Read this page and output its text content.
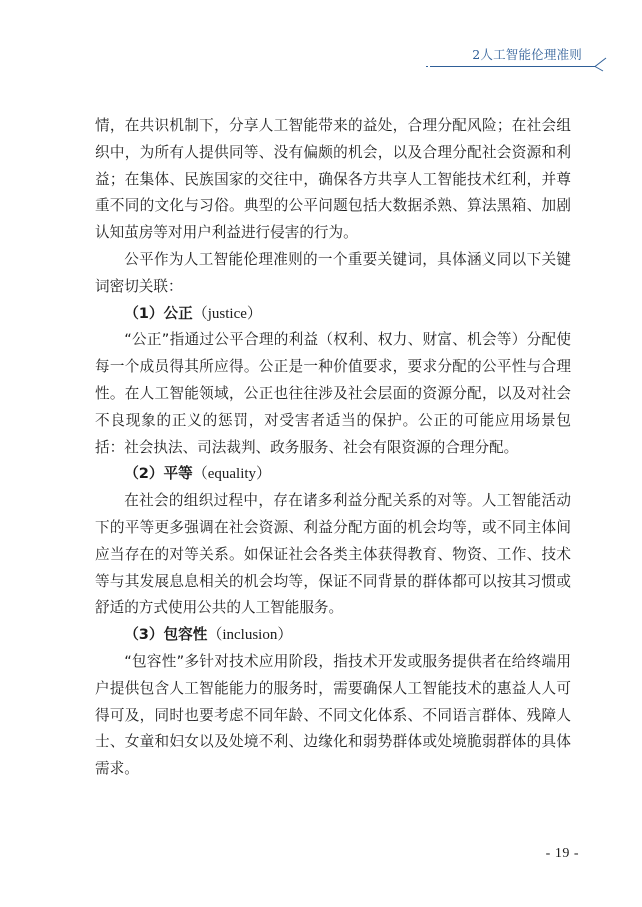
2人工智能伦理准则

情，在共识机制下，分享人工智能带来的益处，合理分配风险；在社会组织中，为所有人提供同等、没有偏颇的机会，以及合理分配社会资源和利益；在集体、民族国家的交往中，确保各方共享人工智能技术红利，并尊重不同的文化与习俗。典型的公平问题包括大数据杀熟、算法黑箱、加剧认知茧房等对用户利益进行侵害的行为。

公平作为人工智能伦理准则的一个重要关键词，具体涵义同以下关键词密切关联：

（1）公正（justice）

“公正”指通过公平合理的利益（权利、权力、财富、机会等）分配使每一个成员得其所应得。公正是一种价值要求，要求分配的公平性与合理性。在人工智能领域，公正也往往涉及社会层面的资源分配，以及对社会不良现象的正义的惩罚，对受害者适当的保护。公正的可能应用场景包括：社会执法、司法裁判、政务服务、社会有限资源的合理分配。

（2）平等（equality）

在社会的组织过程中，存在诸多利益分配关系的对等。人工智能活动下的平等更多强调在社会资源、利益分配方面的机会均等，或不同主体间应当存在的对等关系。如保证社会各类主体获得教育、物资、工作、技术等与其发展息息相关的机会均等，保证不同背景的群体都可以按其习惯或舒适的方式使用公共的人工智能服务。

（3）包容性（inclusion）

“包容性”多针对技术应用阶段，指技术开发或服务提供者在给终端用户提供包含人工智能能力的服务时，需要确保人工智能技术的惠益人人可得可及，同时也要考虑不同年龄、不同文化体系、不同语言群体、残障人士、女童和妇女以及处境不利、边缘化和弱势群体或处境脆弱群体的具体需求。

- 19 -
